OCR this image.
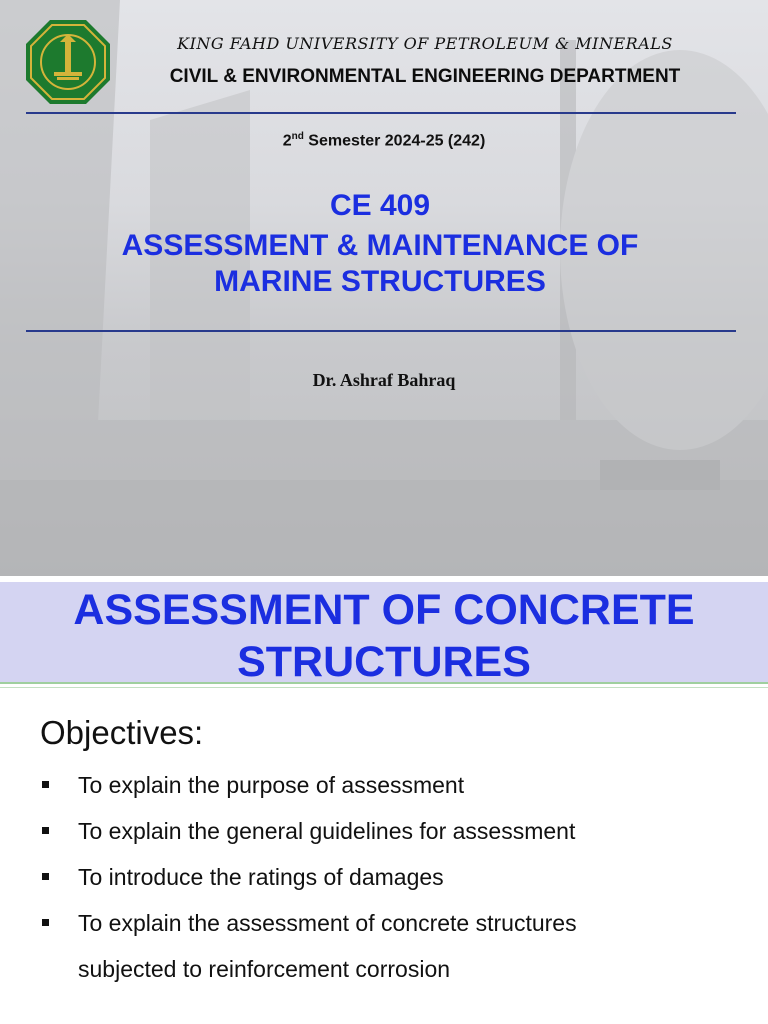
KING FAHD UNIVERSITY OF PETROLEUM & MINERALS
CIVIL & ENVIRONMENTAL ENGINEERING DEPARTMENT
2nd Semester 2024-25 (242)
CE 409
ASSESSMENT & MAINTENANCE OF
MARINE STRUCTURES
Dr. Ashraf Bahraq
ASSESSMENT OF CONCRETE
STRUCTURES
Objectives:
To explain the purpose of assessment
To explain the general guidelines for assessment
To introduce the ratings of damages
To explain the assessment of concrete structures
subjected to reinforcement corrosion
